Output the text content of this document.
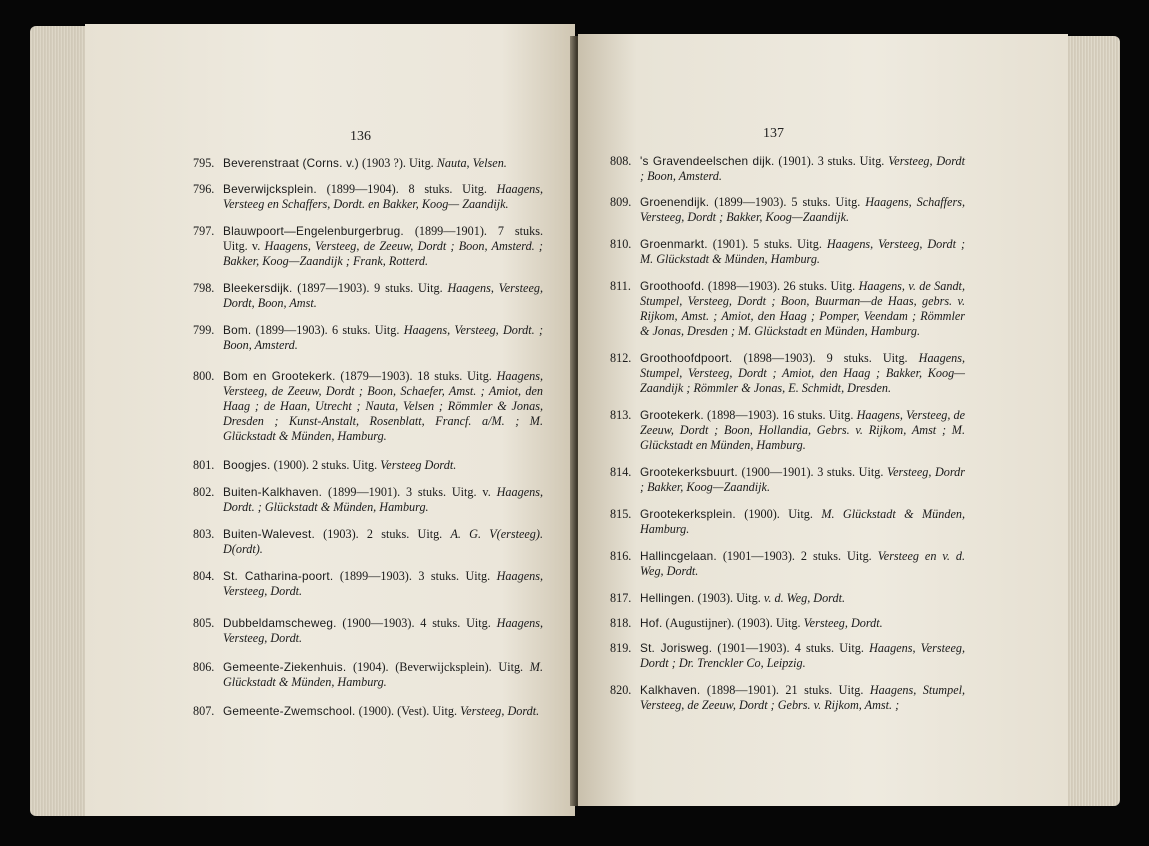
136
795. Beverenstraat (Corns. v.) (1903 ?). Uitg. Nauta, Velsen.
796. Beverwijcksplein. (1899—1904). 8 stuks. Uitg. Haagens, Versteeg en Schaffers, Dordt. en Bakker, Koog— Zaandijk.
797. Blauwpoort—Engelenburgerbrug. (1899—1901). 7 stuks. Uitg. v. Haagens, Versteeg, de Zeeuw, Dordt ; Boon, Amsterd. ; Bakker, Koog—Zaandijk ; Frank, Rotterd.
798. Bleekersdijk. (1897—1903). 9 stuks. Uitg. Haagens, Versteeg, Dordt, Boon, Amst.
799. Bom. (1899—1903). 6 stuks. Uitg. Haagens, Versteeg, Dordt. ; Boon, Amsterd.
800. Bom en Grootekerk. (1879—1903). 18 stuks. Uitg. Haagens, Versteeg, de Zeeuw, Dordt ; Boon, Schaefer, Amst. ; Amiot, den Haag ; de Haan, Utrecht ; Nauta, Velsen ; Römmler & Jonas, Dresden ; Kunst-Anstalt, Rosenblatt, Francf. a/M. ; M. Glückstadt & Münden, Hamburg.
801. Boogjes. (1900). 2 stuks. Uitg. Versteeg Dordt.
802. Buiten-Kalkhaven. (1899—1901). 3 stuks. Uitg. v. Haagens, Dordt. ; Glückstadt & Münden, Hamburg.
803. Buiten-Walevest. (1903). 2 stuks. Uitg. A. G. V(ersteeg). D(ordt).
804. St. Catharina-poort. (1899—1903). 3 stuks. Uitg. Haagens, Versteeg, Dordt.
805. Dubbeldamscheweg. (1900—1903). 4 stuks. Uitg. Haagens, Versteeg, Dordt.
806. Gemeente-Ziekenhuis. (1904). (Beverwijcksplein). Uitg. M. Glückstadt & Münden, Hamburg.
807. Gemeente-Zwemschool. (1900). (Vest). Uitg. Versteeg, Dordt.
137
808. 's Gravendeelschen dijk. (1901). 3 stuks. Uitg. Versteeg, Dordt ; Boon, Amsterd.
809. Groenendijk. (1899—1903). 5 stuks. Uitg. Haagens, Schaffers, Versteeg, Dordt ; Bakker, Koog—Zaandijk.
810. Groenmarkt. (1901). 5 stuks. Uitg. Haagens, Versteeg, Dordt ; M. Glückstadt & Münden, Hamburg.
811. Groothoofd. (1898—1903). 26 stuks. Uitg. Haagens, v. de Sandt, Stumpel, Versteeg, Dordt ; Boon, Buurman—de Haas, gebrs. v. Rijkom, Amst. ; Amiot, den Haag ; Pomper, Veendam ; Römmler & Jonas, Dresden ; M. Glückstadt en Münden, Hamburg.
812. Groothoofdpoort. (1898—1903). 9 stuks. Uitg. Haagens, Stumpel, Versteeg, Dordt ; Amiot, den Haag ; Bakker, Koog—Zaandijk ; Römmler & Jonas, E. Schmidt, Dresden.
813. Grootekerk. (1898—1903). 16 stuks. Uitg. Haagens, Versteeg, de Zeeuw, Dordt ; Boon, Hollandia, Gebrs. v. Rijkom, Amst ; M. Glückstadt en Münden, Hamburg.
814. Grootekerksbuurt. (1900—1901). 3 stuks. Uitg. Versteeg, Dordr ; Bakker, Koog—Zaandijk.
815. Grootekerksplein. (1900). Uitg. M. Glückstadt & Münden, Hamburg.
816. Hallincgelaan. (1901—1903). 2 stuks. Uitg. Versteeg en v. d. Weg, Dordt.
817. Hellingen. (1903). Uitg. v. d. Weg, Dordt.
818. Hof. (Augustijner). (1903). Uitg. Versteeg, Dordt.
819. St. Jorisweg. (1901—1903). 4 stuks. Uitg. Haagens, Versteeg, Dordt ; Dr. Trenckler Co, Leipzig.
820. Kalkhaven. (1898—1901). 21 stuks. Uitg. Haagens, Stumpel, Versteeg, de Zeeuw, Dordt ; Gebrs. v. Rijkom, Amst. ;
